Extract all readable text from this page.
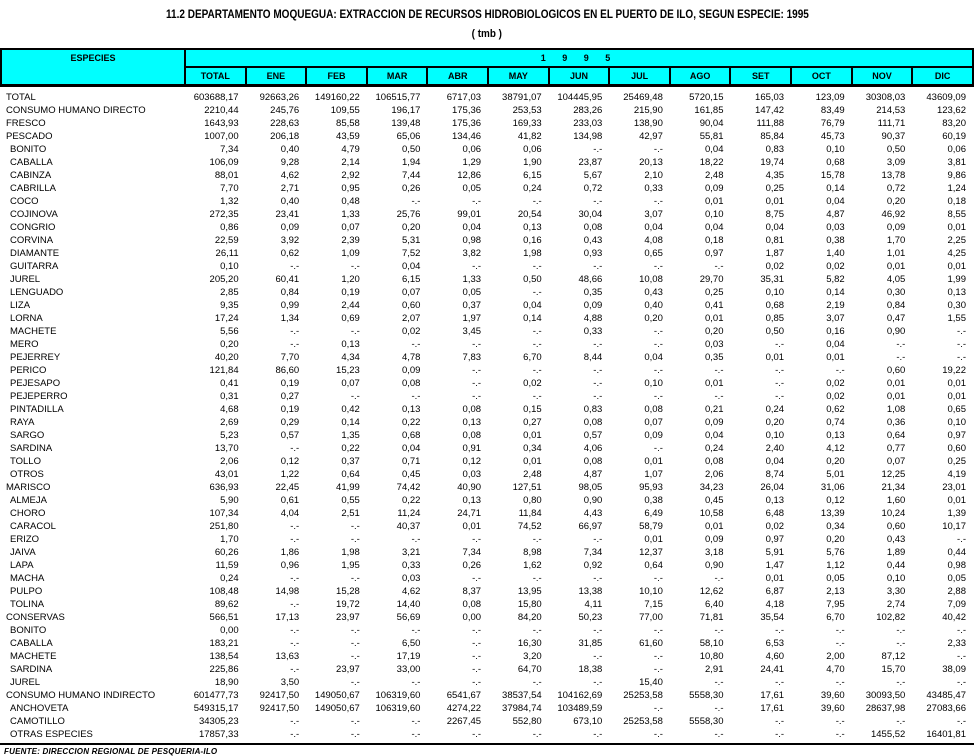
11.2 DEPARTAMENTO MOQUEGUA: EXTRACCION DE RECURSOS HIDROBIOLOGICOS EN EL PUERTO DE ILO, SEGUN ESPECIE: 1995
( tmb )
ESPECIES	1 9 9 5												
	TOTAL	ENE	FEB	MAR	ABR	MAY	JUN	JUL	AGO	SET	OCT	NOV	DIC
TOTAL	603688,17	92663,26	149160,22	106515,77	6717,03	38791,07	104445,95	25469,48	5720,15	165,03	123,09	30308,03	43609,09
CONSUMO HUMANO DIRECTO	2210,44	245,76	109,55	196,17	175,36	253,53	283,26	215,90	161,85	147,42	83,49	214,53	123,62
FRESCO	1643,93	228,63	85,58	139,48	175,36	169,33	233,03	138,90	90,04	111,88	76,79	111,71	83,20
PESCADO	1007,00	206,18	43,59	65,06	134,46	41,82	134,98	42,97	55,81	85,84	45,73	90,37	60,19
BONITO	7,34	0,40	4,79	0,50	0,06	0,06	-.-	-.-	0,04	0,83	0,10	0,50	0,06
CABALLA	106,09	9,28	2,14	1,94	1,29	1,90	23,87	20,13	18,22	19,74	0,68	3,09	3,81
CABINZA	88,01	4,62	2,92	7,44	12,86	6,15	5,67	2,10	2,48	4,35	15,78	13,78	9,86
CABRILLA	7,70	2,71	0,95	0,26	0,05	0,24	0,72	0,33	0,09	0,25	0,14	0,72	1,24
COCO	1,32	0,40	0,48	-.-	-.-	-.-	-.-	-.-	0,01	0,01	0,04	0,20	0,18
COJINOVA	272,35	23,41	1,33	25,76	99,01	20,54	30,04	3,07	0,10	8,75	4,87	46,92	8,55
CONGRIO	0,86	0,09	0,07	0,20	0,04	0,13	0,08	0,04	0,04	0,04	0,03	0,09	0,01
CORVINA	22,59	3,92	2,39	5,31	0,98	0,16	0,43	4,08	0,18	0,81	0,38	1,70	2,25
DIAMANTE	26,11	0,62	1,09	7,52	3,82	1,98	0,93	0,65	0,97	1,87	1,40	1,01	4,25
GUITARRA	0,10	-.-	-.-	0,04	-.-	-.-	-.-	-.-	-.-	0,02	0,02	0,01	0,01
JUREL	205,20	60,41	1,20	6,15	1,33	0,50	48,66	10,08	29,70	35,31	5,82	4,05	1,99
LENGUADO	2,85	0,84	0,19	0,07	0,05	-.-	0,35	0,43	0,25	0,10	0,14	0,30	0,13
LIZA	9,35	0,99	2,44	0,60	0,37	0,04	0,09	0,40	0,41	0,68	2,19	0,84	0,30
LORNA	17,24	1,34	0,69	2,07	1,97	0,14	4,88	0,20	0,01	0,85	3,07	0,47	1,55
MACHETE	5,56	-.-	-.-	0,02	3,45	-.-	0,33	-.-	0,20	0,50	0,16	0,90	-.-
MERO	0,20	-.-	0,13	-.-	-.-	-.-	-.-	-.-	0,03	-.-	0,04	-.-	-.-
PEJERREY	40,20	7,70	4,34	4,78	7,83	6,70	8,44	0,04	0,35	0,01	0,01	-.-	-.-
PERICO	121,84	86,60	15,23	0,09	-.-	-.-	-.-	-.-	-.-	-.-	-.-	0,60	19,22
PEJESAPO	0,41	0,19	0,07	0,08	-.-	0,02	-.-	0,10	0,01	-.-	0,02	0,01	0,01
PEJEPERRO	0,31	0,27	-.-	-.-	-.-	-.-	-.-	-.-	-.-	-.-	0,02	0,01	0,01
PINTADILLA	4,68	0,19	0,42	0,13	0,08	0,15	0,83	0,08	0,21	0,24	0,62	1,08	0,65
RAYA	2,69	0,29	0,14	0,22	0,13	0,27	0,08	0,07	0,09	0,20	0,74	0,36	0,10
SARGO	5,23	0,57	1,35	0,68	0,08	0,01	0,57	0,09	0,04	0,10	0,13	0,64	0,97
SARDINA	13,70	-.-	0,22	0,04	0,91	0,34	4,06	-.-	0,24	2,40	4,12	0,77	0,60
TOLLO	2,06	0,12	0,37	0,71	0,12	0,01	0,08	0,01	0,08	0,04	0,20	0,07	0,25
OTROS	43,01	1,22	0,64	0,45	0,03	2,48	4,87	1,07	2,06	8,74	5,01	12,25	4,19
MARISCO	636,93	22,45	41,99	74,42	40,90	127,51	98,05	95,93	34,23	26,04	31,06	21,34	23,01
ALMEJA	5,90	0,61	0,55	0,22	0,13	0,80	0,90	0,38	0,45	0,13	0,12	1,60	0,01
CHORO	107,34	4,04	2,51	11,24	24,71	11,84	4,43	6,49	10,58	6,48	13,39	10,24	1,39
CARACOL	251,80	-.-	-.-	40,37	0,01	74,52	66,97	58,79	0,01	0,02	0,34	0,60	10,17
ERIZO	1,70	-.-	-.-	-.-	-.-	-.-	-.-	0,01	0,09	0,97	0,20	0,43	-.-
JAIVA	60,26	1,86	1,98	3,21	7,34	8,98	7,34	12,37	3,18	5,91	5,76	1,89	0,44
LAPA	11,59	0,96	1,95	0,33	0,26	1,62	0,92	0,64	0,90	1,47	1,12	0,44	0,98
MACHA	0,24	-.-	-.-	0,03	-.-	-.-	-.-	-.-	-.-	0,01	0,05	0,10	0,05
PULPO	108,48	14,98	15,28	4,62	8,37	13,95	13,38	10,10	12,62	6,87	2,13	3,30	2,88
TOLINA	89,62	-.-	19,72	14,40	0,08	15,80	4,11	7,15	6,40	4,18	7,95	2,74	7,09
CONSERVAS	566,51	17,13	23,97	56,69	0,00	84,20	50,23	77,00	71,81	35,54	6,70	102,82	40,42
BONITO	0,00	-.-	-.-	-.-	-.-	-.-	-.-	-.-	-.-	-.-	-.-	-.-	-.-
CABALLA	183,21	-.-	-.-	6,50	-.-	16,30	31,85	61,60	58,10	6,53	-.-	-.-	2,33
MACHETE	138,54	13,63	-.-	17,19	-.-	3,20	-.-	-.-	10,80	4,60	2,00	87,12	-.-
SARDINA	225,86	-.-	23,97	33,00	-.-	64,70	18,38	-.-	2,91	24,41	4,70	15,70	38,09
JUREL	18,90	3,50	-.-	-.-	-.-	-.-	-.-	15,40	-.-	-.-	-.-	-.-	-.-
CONSUMO HUMANO INDIRECTO	601477,73	92417,50	149050,67	106319,60	6541,67	38537,54	104162,69	25253,58	5558,30	17,61	39,60	30093,50	43485,47
ANCHOVETA	549315,17	92417,50	149050,67	106319,60	4274,22	37984,74	103489,59	-.-	-.-	17,61	39,60	28637,98	27083,66
CAMOTILLO	34305,23	-.-	-.-	-.-	2267,45	552,80	673,10	25253,58	5558,30	-.-	-.-	-.-	-.-
OTRAS ESPECIES	17857,33	-.-	-.-	-.-	-.-	-.-	-.-	-.-	-.-	-.-	-.-	1455,52	16401,81
FUENTE: DIRECCION REGIONAL DE PESQUERIA-ILO
